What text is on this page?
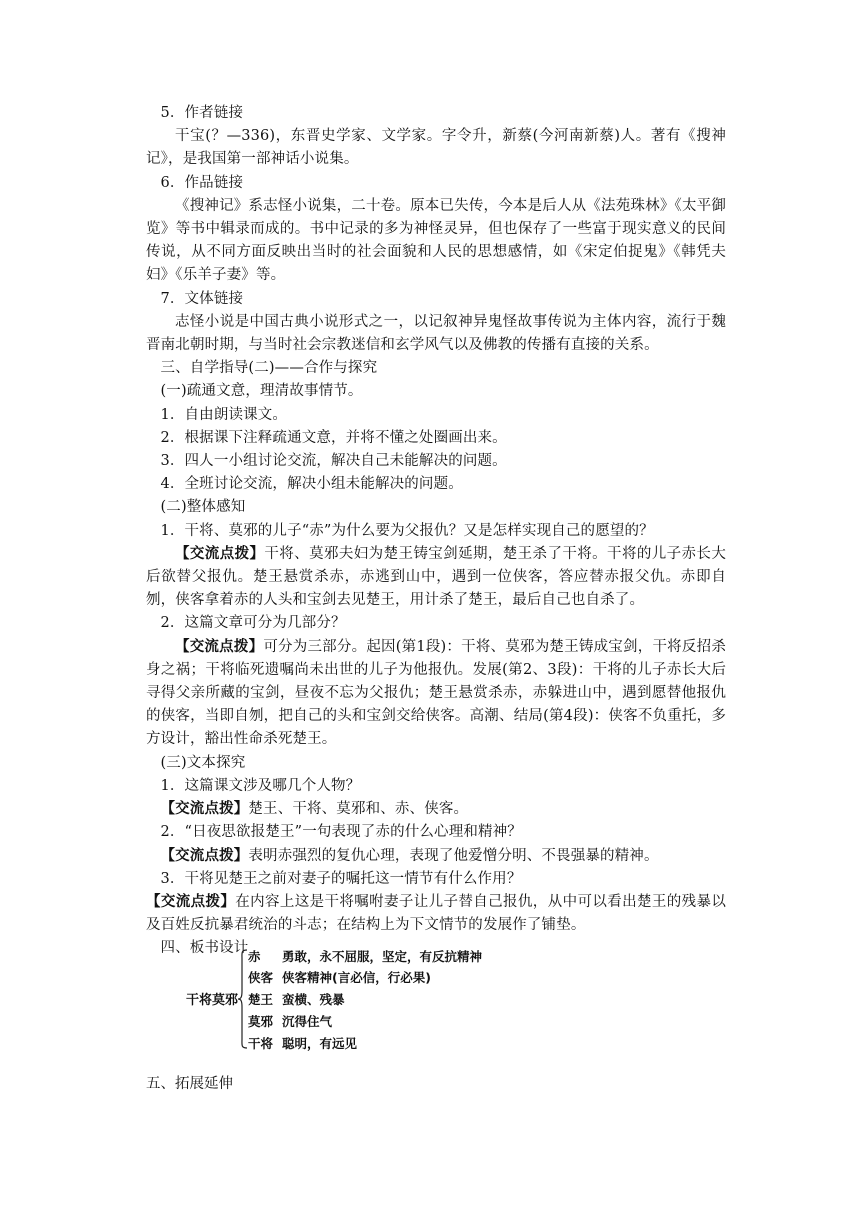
5．作者链接
干宝(？—336)，东晋史学家、文学家。字令升，新蔡(今河南新蔡)人。著有《搜神记》，是我国第一部神话小说集。
6．作品链接
《搜神记》系志怪小说集，二十卷。原本已失传，今本是后人从《法苑珠林》《太平御览》等书中辑录而成的。书中记录的多为神怪灵异，但也保存了一些富于现实意义的民间传说，从不同方面反映出当时的社会面貌和人民的思想感情，如《宋定伯捉鬼》《韩凭夫妇》《乐羊子妻》等。
7．文体链接
志怪小说是中国古典小说形式之一，以记叙神异鬼怪故事传说为主体内容，流行于魏晋南北朝时期，与当时社会宗教迷信和玄学风气以及佛教的传播有直接的关系。
三、自学指导(二)——合作与探究
(一)疏通文意，理清故事情节。
1．自由朗读课文。
2．根据课下注释疏通文意，并将不懂之处圈画出来。
3．四人一小组讨论交流，解决自己未能解决的问题。
4．全班讨论交流，解决小组未能解决的问题。
(二)整体感知
1．干将、莫邪的儿子“赤”为什么要为父报仇？又是怎样实现自己的愿望的？
【交流点拨】干将、莫邪夫妇为楚王铸宝剑延期，楚王杀了干将。干将的儿子赤长大后欲替父报仇。楚王悬赏杀赤，赤逃到山中，遇到一位侠客，答应替赤报父仇。赤即自刎，侠客拿着赤的人头和宝剑去见楚王，用计杀了楚王，最后自己也自杀了。
2．这篇文章可分为几部分？
【交流点拨】可分为三部分。起因(第1段)：干将、莫邪为楚王铸成宝剑，干将反招杀身之祸；干将临死遗嘱尚未出世的儿子为他报仇。发展(第2、3段)：干将的儿子赤长大后寻得父亲所藏的宝剑，昼夜不忘为父报仇；楚王悬赏杀赤，赤躲进山中，遇到愿替他报仇的侠客，当即自刎，把自己的头和宝剑交给侠客。高潮、结局(第4段)：侠客不负重托，多方设计，豁出性命杀死楚王。
(三)文本探究
1．这篇课文涉及哪几个人物？
【交流点拨】楚王、干将、莫邪和、赤、侠客。
2．“日夜思欲报楚王”一句表现了赤的什么心理和精神？
【交流点拨】表明赤强烈的复仇心理，表现了他爱憎分明、不畏强暴的精神。
3．干将见楚王之前对妻子的嘱托这一情节有什么作用？
【交流点拨】在内容上这是干将嘱咐妻子让儿子替自己报仇，从中可以看出楚王的残暴以及百姓反抗暴君统治的斗志；在结构上为下文情节的发展作了铺垫。
四、板书设计
干将莫邪
赤 勇敢，永不屈服，坚定，有反抗精神
侠客 侠客精神(言必信，行必果)
楚王 蛮横、残暴
莫邪 沉得住气
干将 聪明，有远见
五、拓展延伸
